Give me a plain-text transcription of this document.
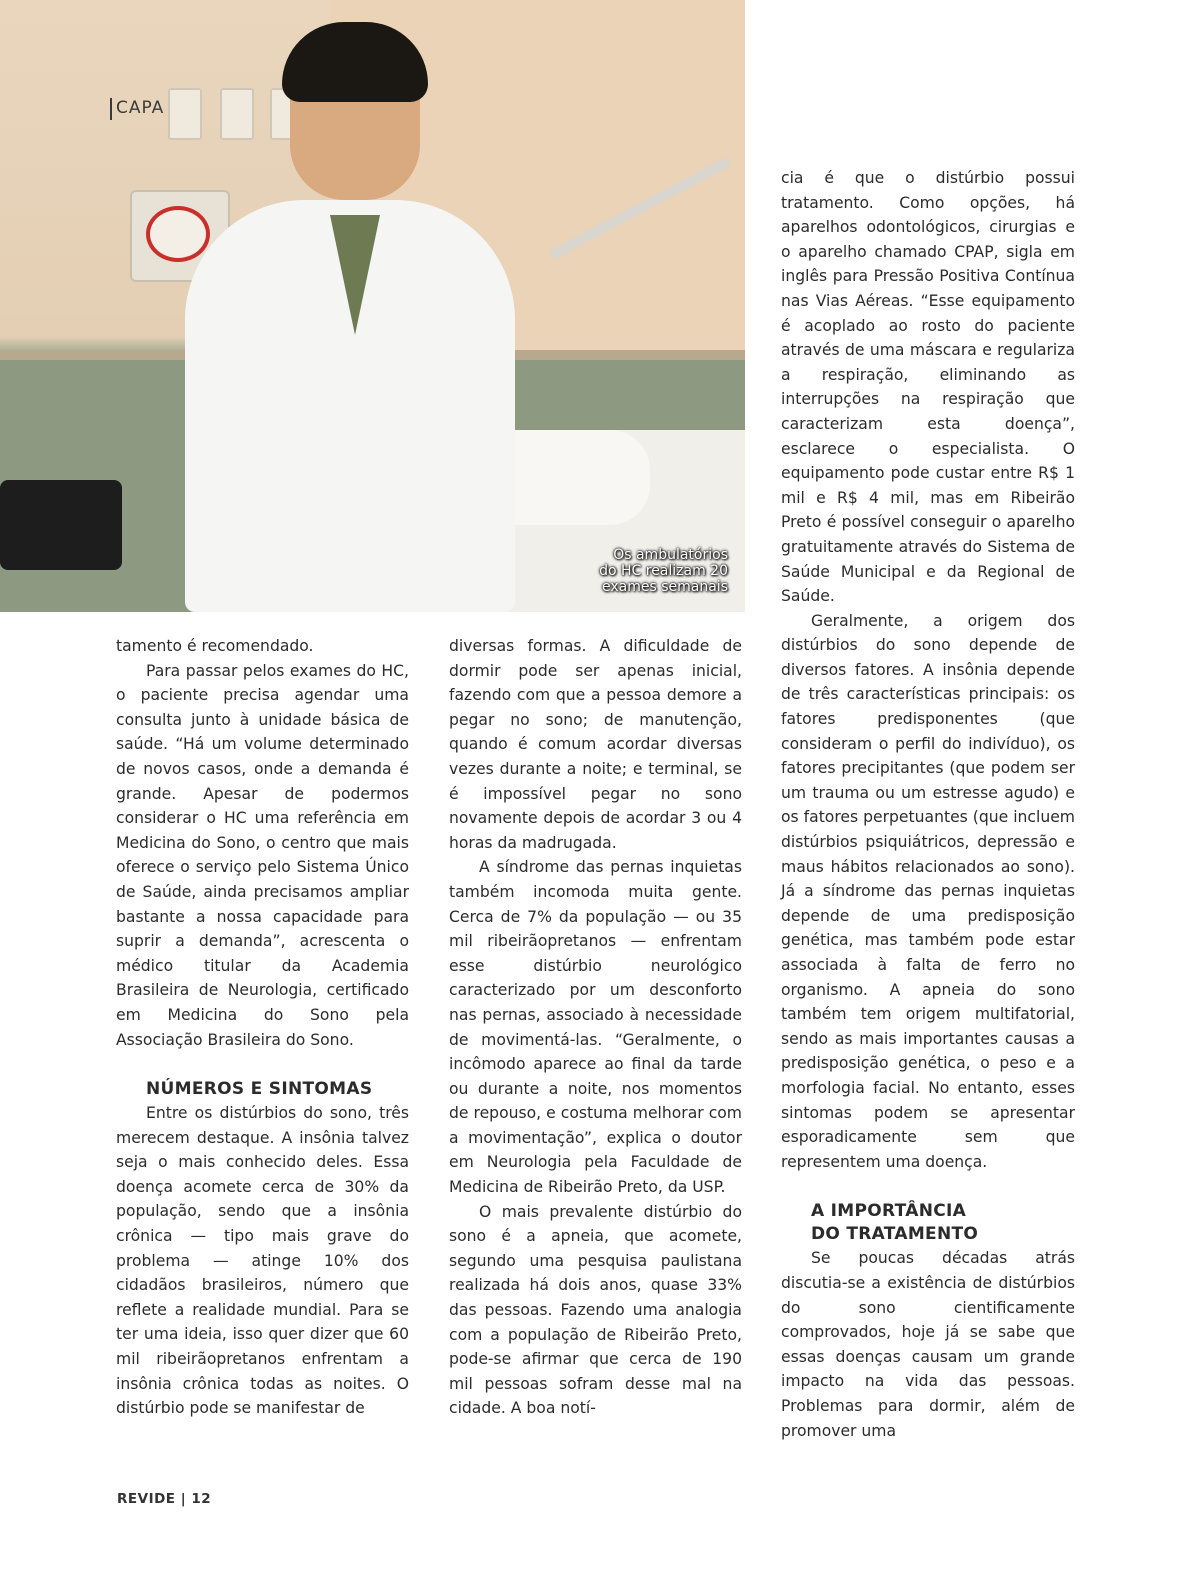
Os ambulatórios
do HC realizam 20
exames semanais
CAPA

tamento é recomendado.

Para passar pelos exames do HC, o paciente precisa agendar uma consulta junto à unidade básica de saúde. “Há um volume determinado de novos casos, onde a demanda é grande. Apesar de podermos considerar o HC uma referência em Medicina do Sono, o centro que mais oferece o serviço pelo Sistema Único de Saúde, ainda precisamos ampliar bastante a nossa capacidade para suprir a demanda”, acrescenta o médico titular da Academia Brasileira de Neurologia, certificado em Medicina do Sono pela Associação Brasileira do Sono.

NÚMEROS E SINTOMAS

Entre os distúrbios do sono, três merecem destaque. A insônia talvez seja o mais conhecido deles. Essa doença acomete cerca de 30% da população, sendo que a insônia crônica — tipo mais grave do problema — atinge 10% dos cidadãos brasileiros, número que reflete a realidade mundial. Para se ter uma ideia, isso quer dizer que 60 mil ribeirãopretanos enfrentam a insônia crônica todas as noites. O distúrbio pode se manifestar de

diversas formas. A dificuldade de dormir pode ser apenas inicial, fazendo com que a pessoa demore a pegar no sono; de manutenção, quando é comum acordar diversas vezes durante a noite; e terminal, se é impossível pegar no sono novamente depois de acordar 3 ou 4 horas da madrugada.

A síndrome das pernas inquietas também incomoda muita gente. Cerca de 7% da população — ou 35 mil ribeirãopretanos — enfrentam esse distúrbio neurológico caracterizado por um desconforto nas pernas, associado à necessidade de movimentá-las. “Geralmente, o incômodo aparece ao final da tarde ou durante a noite, nos momentos de repouso, e costuma melhorar com a movimentação”, explica o doutor em Neurologia pela Faculdade de Medicina de Ribeirão Preto, da USP.

O mais prevalente distúrbio do sono é a apneia, que acomete, segundo uma pesquisa paulistana realizada há dois anos, quase 33% das pessoas. Fazendo uma analogia com a população de Ribeirão Preto, pode-se afirmar que cerca de 190 mil pessoas sofram desse mal na cidade. A boa notí-

cia é que o distúrbio possui tratamento. Como opções, há aparelhos odontológicos, cirurgias e o aparelho chamado CPAP, sigla em inglês para Pressão Positiva Contínua nas Vias Aéreas. “Esse equipamento é acoplado ao rosto do paciente através de uma máscara e regulariza a respiração, eliminando as interrupções na respiração que caracterizam esta doença”, esclarece o especialista. O equipamento pode custar entre R$ 1 mil e R$ 4 mil, mas em Ribeirão Preto é possível conseguir o aparelho gratuitamente através do Sistema de Saúde Municipal e da Regional de Saúde.

Geralmente, a origem dos distúrbios do sono depende de diversos fatores. A insônia depende de três características principais: os fatores predisponentes (que consideram o perfil do indivíduo), os fatores precipitantes (que podem ser um trauma ou um estresse agudo) e os fatores perpetuantes (que incluem distúrbios psiquiátricos, depressão e maus hábitos relacionados ao sono). Já a síndrome das pernas inquietas depende de uma predisposição genética, mas também pode estar associada à falta de ferro no organismo. A apneia do sono também tem origem multifatorial, sendo as mais importantes causas a predisposição genética, o peso e a morfologia facial. No entanto, esses sintomas podem se apresentar esporadicamente sem que representem uma doença.

A IMPORTÂNCIA
DO TRATAMENTO

Se poucas décadas atrás discutia-se a existência de distúrbios do sono cientificamente comprovados, hoje já se sabe que essas doenças causam um grande impacto na vida das pessoas. Problemas para dormir, além de promover uma

REVIDE | 12
